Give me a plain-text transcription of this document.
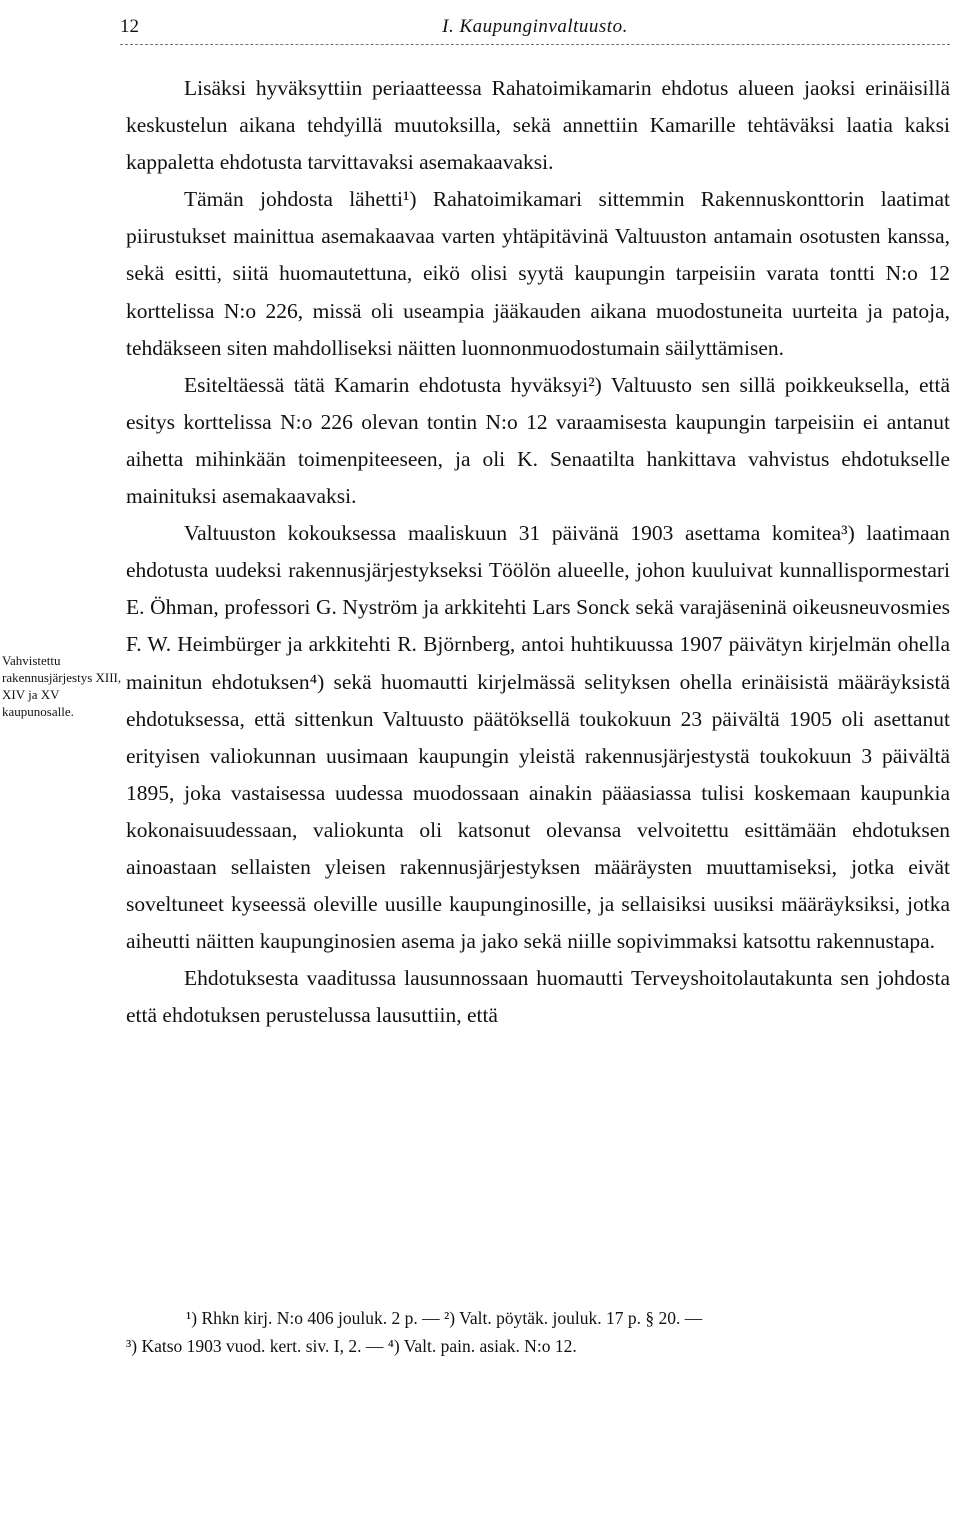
12	I. Kaupunginvaltuusto.
Vahvistettu rakennusjärjestys XIII, XIV ja XV kaupunosalle.

Lisäksi hyväksyttiin periaatteessa Rahatoimikamarin ehdotus alueen jaoksi erinäisillä keskustelun aikana tehdyillä muutoksilla, sekä annettiin Kamarille tehtäväksi laatia kaksi kappaletta ehdotusta tarvittavaksi asemakaavaksi.

Tämän johdosta lähetti¹) Rahatoimikamari sittemmin Rakennuskonttorin laatimat piirustukset mainittua asemakaavaa varten yhtäpitävinä Valtuuston antamain osotusten kanssa, sekä esitti, siitä huomautettuna, eikö olisi syytä kaupungin tarpeisiin varata tontti N:o 12 korttelissa N:o 226, missä oli useampia jääkauden aikana muodostuneita uurteita ja patoja, tehdäkseen siten mahdolliseksi näitten luonnonmuodostumain säilyttämisen.

Esiteltäessä tätä Kamarin ehdotusta hyväksyi²) Valtuusto sen sillä poikkeuksella, että esitys korttelissa N:o 226 olevan tontin N:o 12 varaamisesta kaupungin tarpeisiin ei antanut aihetta mihinkään toimenpiteeseen, ja oli K. Senaatilta hankittava vahvistus ehdotukselle mainituksi asemakaavaksi.

Valtuuston kokouksessa maaliskuun 31 päivänä 1903 asettama komitea³) laatimaan ehdotusta uudeksi rakennusjärjestykseksi Töölön alueelle, johon kuuluivat kunnallispormestari E. Öhman, professori G. Nyström ja arkkitehti Lars Sonck sekä varajäseninä oikeusneuvosmies F. W. Heimbürger ja arkkitehti R. Björnberg, antoi huhtikuussa 1907 päivätyn kirjelmän ohella mainitun ehdotuksen⁴) sekä huomautti kirjelmässä selityksen ohella erinäisistä määräyksistä ehdotuksessa, että sittenkun Valtuusto päätöksellä toukokuun 23 päivältä 1905 oli asettanut erityisen valiokunnan uusimaan kaupungin yleistä rakennusjärjestystä toukokuun 3 päivältä 1895, joka vastaisessa uudessa muodossaan ainakin pääasiassa tulisi koskemaan kaupunkia kokonaisuudessaan, valiokunta oli katsonut olevansa velvoitettu esittämään ehdotuksen ainoastaan sellaisten yleisen rakennusjärjestyksen määräysten muuttamiseksi, jotka eivät soveltuneet kyseessä oleville uusille kaupunginosille, ja sellaisiksi uusiksi määräyksiksi, jotka aiheutti näitten kaupunginosien asema ja jako sekä niille sopivimmaksi katsottu rakennustapa.

Ehdotuksesta vaaditussa lausunnossaan huomautti Terveyshoitolautakunta sen johdosta että ehdotuksen perustelussa lausuttiin, että

¹) Rhkn kirj. N:o 406 jouluk. 2 p. — ²) Valt. pöytäk. jouluk. 17 p. § 20. —
³) Katso 1903 vuod. kert. siv. I, 2. — ⁴) Valt. pain. asiak. N:o 12.
